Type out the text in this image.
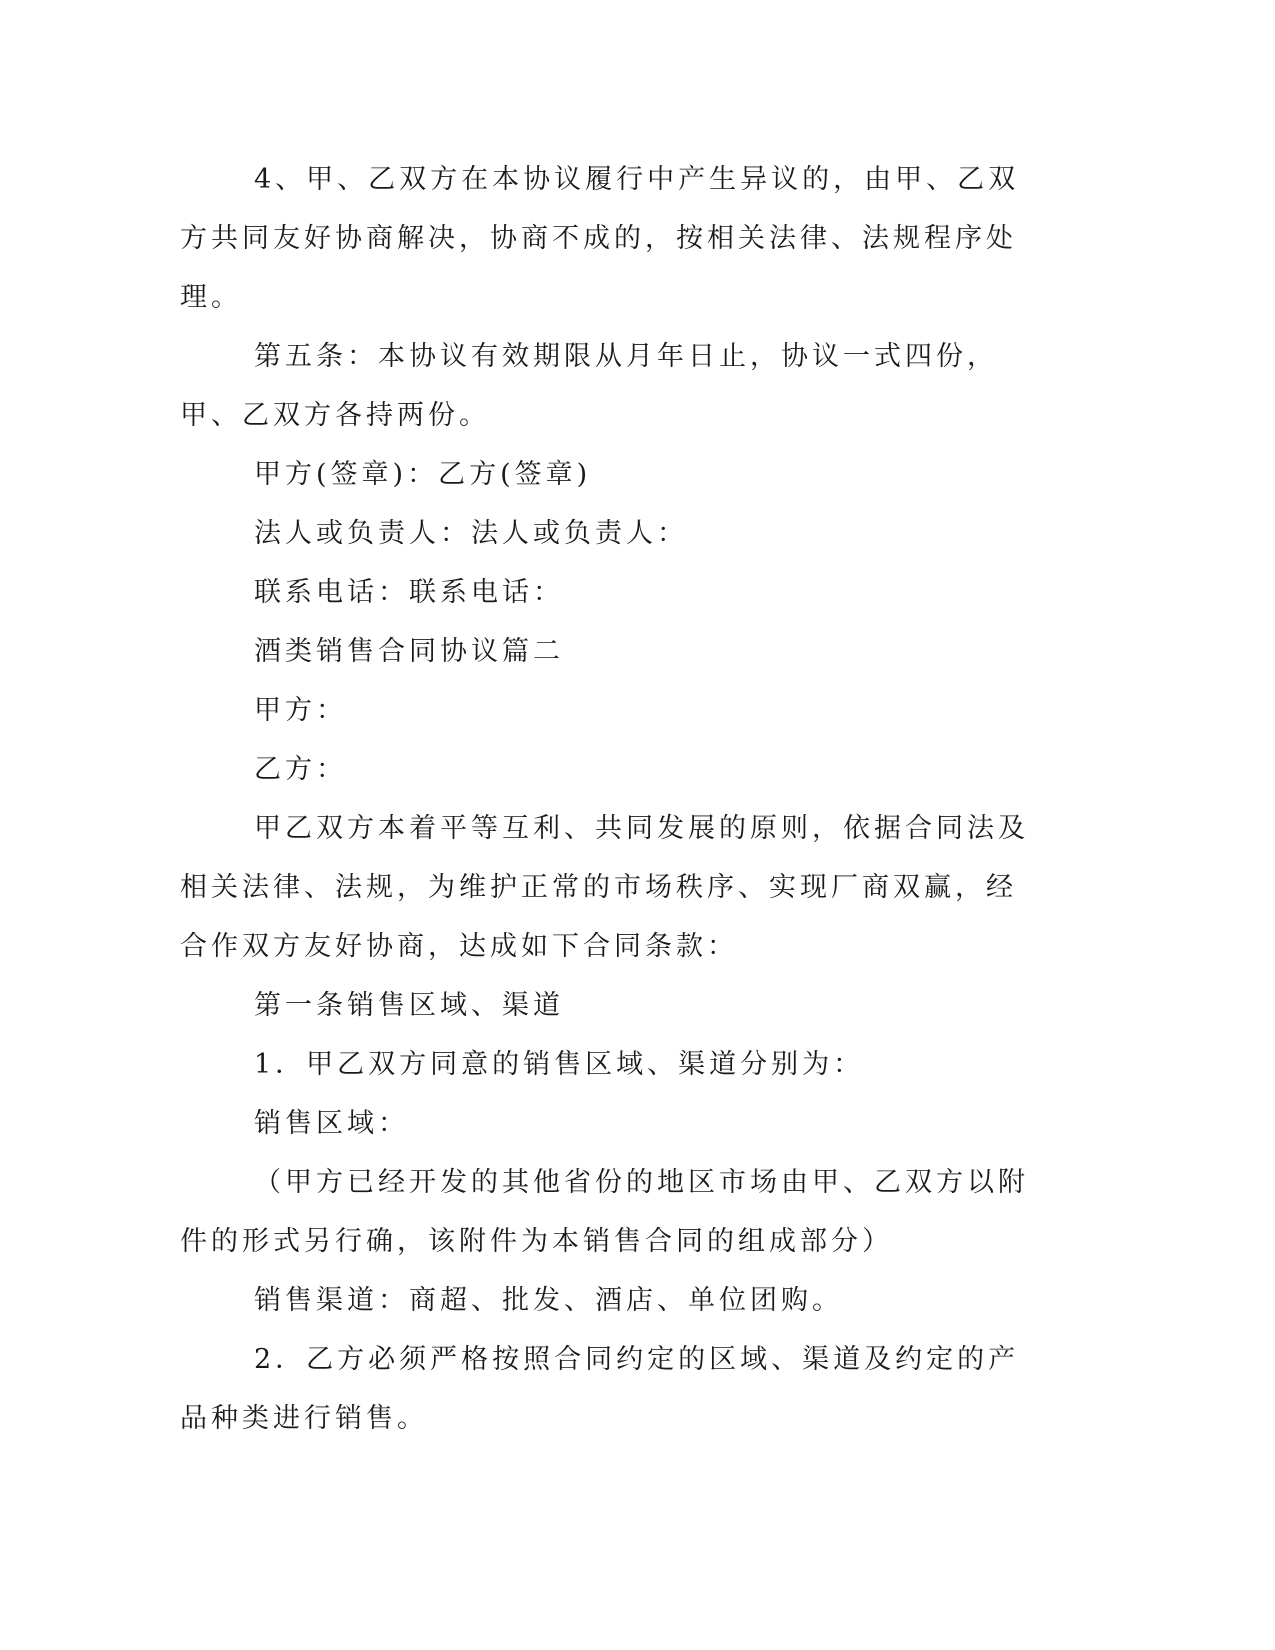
4、甲、乙双方在本协议履行中产生异议的，由甲、乙双方共同友好协商解决，协商不成的，按相关法律、法规程序处理。

第五条：本协议有效期限从月年日止，协议一式四份，甲、乙双方各持两份。

甲方(签章)：乙方(签章)

法人或负责人：法人或负责人：

联系电话：联系电话：

酒类销售合同协议篇二

甲方：

乙方：

甲乙双方本着平等互利、共同发展的原则，依据合同法及相关法律、法规，为维护正常的市场秩序、实现厂商双赢，经合作双方友好协商，达成如下合同条款：

第一条销售区域、渠道

1．甲乙双方同意的销售区域、渠道分别为：

销售区域：

（甲方已经开发的其他省份的地区市场由甲、乙双方以附件的形式另行确，该附件为本销售合同的组成部分）

销售渠道：商超、批发、酒店、单位团购。

2．乙方必须严格按照合同约定的区域、渠道及约定的产品种类进行销售。
